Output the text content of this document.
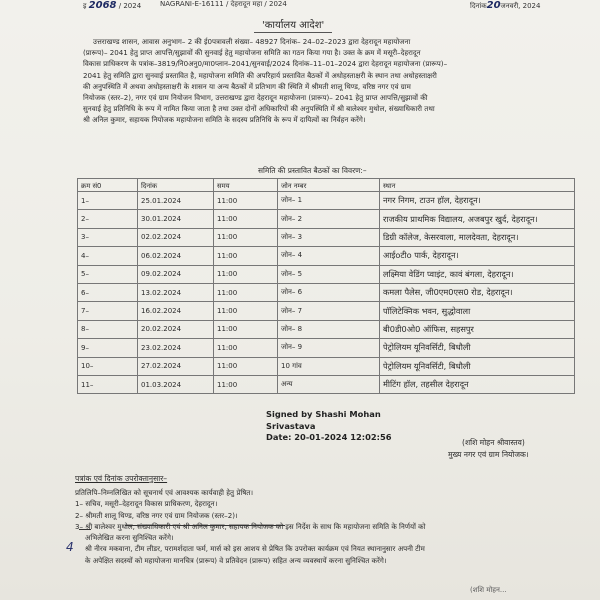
इ 2068 / 2024	NAGRANI-E-16111 / देहरादून महा / 2024	दिनांक20जनवरी, 2024
'कार्यालय आदेश'
उत्तराखण्ड शासन, आवास अनुभाग– 2 की ई0पत्रावली संख्या– 48927 दिनांक– 24–02–2023 द्वारा देहरादून महायोजना
(प्रारूप)– 2041 हेतु प्राप्त आपत्ति/सुझावों की सुनवाई हेतु महायोजना समिति का गठन किया गया है। उक्त के क्रम में मसूरी–देहरादून
विकास प्राधिकरण के पत्रांक–3819/नि0अनु0/मा0प्लान–2041/सुनवाई/2024 दिनांक–11–01–2024 द्वारा देहरादून महायोजना (प्रारूप)–
2041 हेतु समिति द्वारा सुनवाई प्रस्तावित है, महायोजना समिति की अपरिहार्य प्रस्तावित बैठकों में अधोहस्ताक्षरी के स्थान तथा अधोहस्ताक्षरी
की अनुपस्थिति में अथवा अधोहस्ताक्षरी के शासन या अन्य बैठकों में प्रतिभाग की स्थिति में श्रीमती शालू थिण्ड, वरिष्ठ नगर एवं ग्राम
नियोजक (स्तर–2), नगर एवं ग्राम नियोजन विभाग, उत्तराखण्ड द्वारा देहरादून महायोजना (प्रारूप)– 2041 हेतु प्राप्त आपत्ति/सुझावों की
सुनवाई हेतु प्रतिनिधि के रूप में नामित किया जाता है तथा उक्त दोनों अधिकारियों की अनुपस्थिति में श्री बालेश्वर मुथोल, संख्याधिकारी तथा
श्री अनिल कुमार, सहायक नियोजक महायोजना समिति के सदस्य प्रतिनिधि के रूप में दायित्वों का निर्वहन करेंगे।
समिति की प्रस्तावित बैठकों का विवरण:–
क्रम सं0	दिनांक	समय	जोन नम्बर	स्थान
1–	25.01.2024	11:00	जोन– 1	नगर निगम, टाउन हॉल, देहरादून।
2–	30.01.2024	11:00	जोन– 2	राजकीय प्राथमिक विद्यालय, अजबपुर खुर्द, देहरादून।
3–	02.02.2024	11:00	जोन– 3	डिग्री कॉलेज, केसरवाला, मालदेवता, देहरादून।
4–	06.02.2024	11:00	जोन– 4	आईoटीo पार्क, देहरादून।
5–	09.02.2024	11:00	जोन– 5	लक्ष्मिया वेडिंग प्वाइंट, कावं बंगला, देहरादून।
6–	13.02.2024	11:00	जोन– 6	कमला पैलेस, जी0एम0एस0 रोड, देहरादून।
7–	16.02.2024	11:00	जोन– 7	पॉलिटेक्निक भवन, सुद्धोवाला
8–	20.02.2024	11:00	जोन– 8	बी0डी0ओ0 ऑफिस, सहसपुर
9–	23.02.2024	11:00	जोन– 9	पेट्रोलियम यूनिवर्सिटी, बिधौली
10–	27.02.2024	11:00	10 गांव	पेट्रोलियम यूनिवर्सिटी, बिधौली
11–	01.03.2024	11:00	अन्य	मीटिंग हॉल, तहसील देहरादून
Signed by Shashi Mohan
Srivastava
Date: 20-01-2024 12:02:56
(शशि मोहन श्रीवास्तव)
मुख्य नगर एवं ग्राम नियोजक।
पत्रांक एवं दिनांक उपरोक्तानुसार–
प्रतिलिपि–निम्नलिखित को सूचनार्थ एवं आवश्यक कार्यवाही हेतु प्रेषित।
1– सचिव, मसूरी–देहरादून विकास प्राधिकरण, देहरादून।
2– श्रीमती शालू थिण्ड, वरिष्ठ नगर एवं ग्राम नियोजक (स्तर–2)।
3– श्री बालेश्वर मुथोल, संख्याधिकारी एवं श्री अनिल कुमार, सहायक नियोजक को इस निर्देश के साथ कि महायोजना समिति के निर्णयों को
अभिलेखित करना सुनिश्चित करेंगे।
श्री नीरव मकवाना, टीम लीडर, परामर्शदाता फर्म, मार्स को इस आशय से प्रेषित कि उपरोक्त कार्यक्रम एवं नियत स्थानानुसार अपनी टीम
के अपेक्षित सदस्यों को महायोजना मानचित्र (प्रारूप) वे प्रतिवेदन (प्रारूप) सहित अन्य व्यवस्थायें करना सुनिश्चित करेंगे।
4
(शशि मोहन...
